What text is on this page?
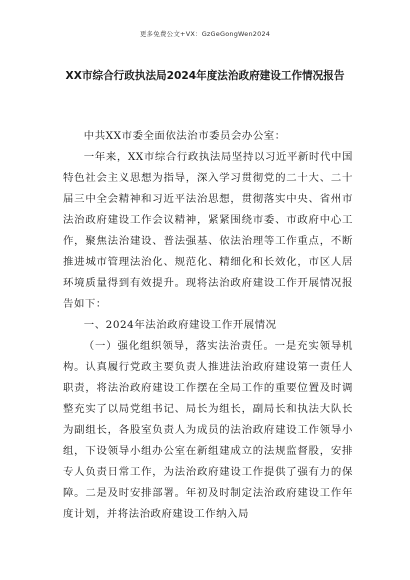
更多免费公文+VX：GzGeGongWen2024
XX市综合行政执法局2024年度法治政府建设工作情况报告

中共XX市委全面依法治市委员会办公室：

一年来，XX市综合行政执法局坚持以习近平新时代中国特色社会主义思想为指导，深入学习贯彻党的二十大、二十届三中全会精神和习近平法治思想，贯彻落实中央、省州市法治政府建设工作会议精神，紧紧围绕市委、市政府中心工作，聚焦法治建设、普法强基、依法治理等工作重点，不断推进城市管理法治化、规范化、精细化和长效化，市区人居环境质量得到有效提升。现将法治政府建设工作开展情况报告如下：

一、2024年法治政府建设工作开展情况

（一）强化组织领导，落实法治责任。一是充实领导机构。认真履行党政主要负责人推进法治政府建设第一责任人职责，将法治政府建设工作摆在全局工作的重要位置及时调整充实了以局党组书记、局长为组长，副局长和执法大队长为副组长，各股室负责人为成员的法治政府建设工作领导小组，下设领导小组办公室在新组建成立的法规监督股，安排专人负责日常工作，为法治政府建设工作提供了强有力的保障。二是及时安排部署。年初及时制定法治政府建设工作年度计划，并将法治政府建设工作纳入局
